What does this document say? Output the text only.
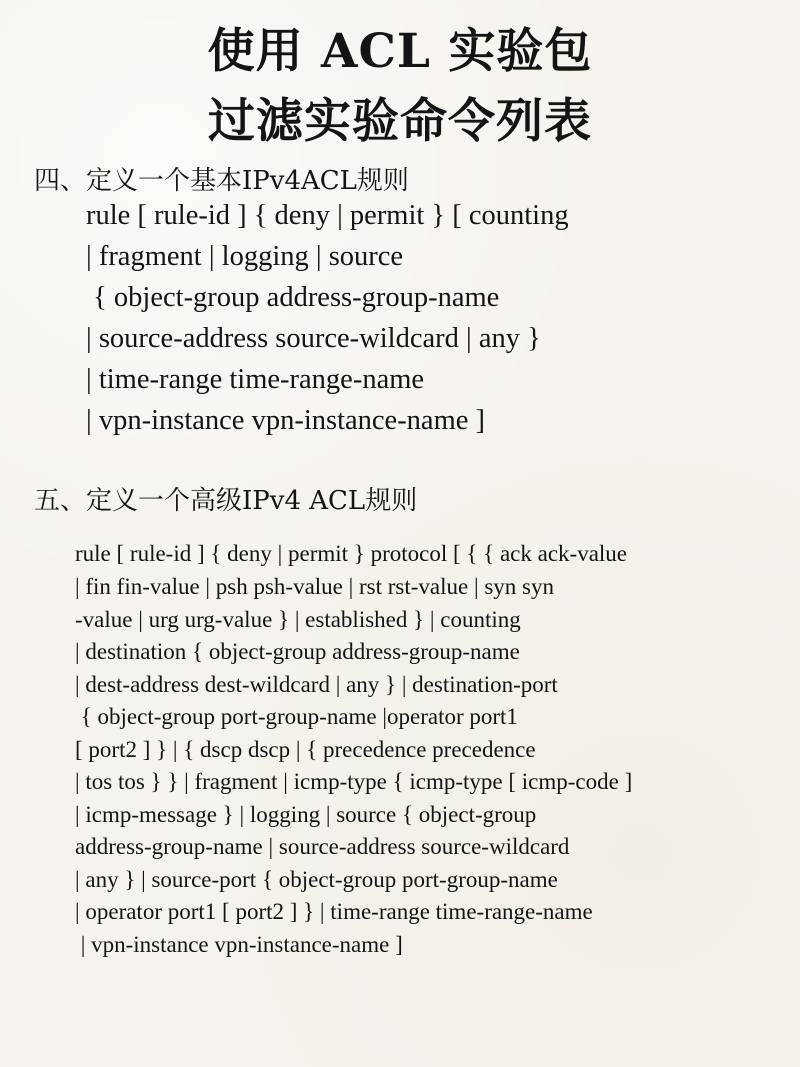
使用 ACL 实验包
过滤实验命令列表
四、定义一个基本IPv4ACL规则
rule [ rule-id ] { deny | permit } [ counting
| fragment | logging | source
{ object-group address-group-name
| source-address source-wildcard | any }
| time-range time-range-name
| vpn-instance vpn-instance-name ]
五、定义一个高级IPv4 ACL规则
rule [ rule-id ] { deny | permit } protocol [ { { ack ack-value
| fin fin-value | psh psh-value | rst rst-value | syn syn
-value | urg urg-value } | established } | counting
| destination { object-group address-group-name
| dest-address dest-wildcard | any } | destination-port
{ object-group port-group-name |operator port1
[ port2 ] } | { dscp dscp | { precedence precedence
| tos tos } } | fragment | icmp-type { icmp-type [ icmp-code ]
| icmp-message } | logging | source { object-group
address-group-name | source-address source-wildcard
| any } | source-port { object-group port-group-name
| operator port1 [ port2 ] } | time-range time-range-name
| vpn-instance vpn-instance-name ]
